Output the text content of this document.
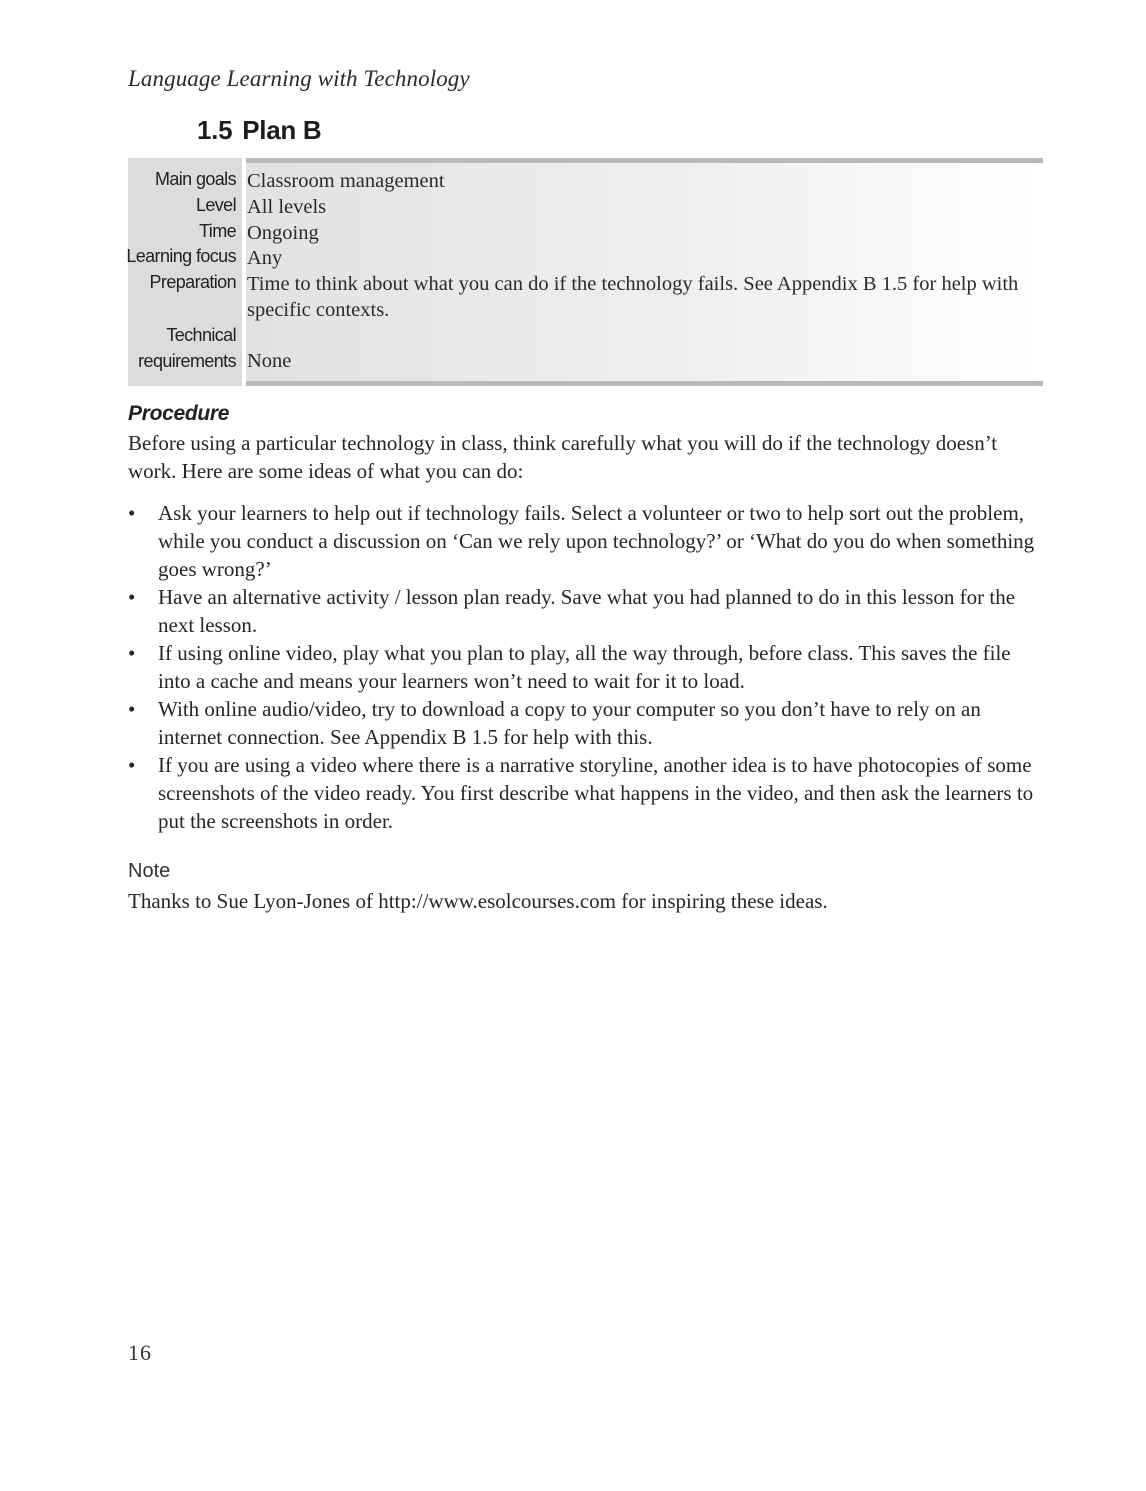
Language Learning with Technology
1.5 Plan B
Main goals Classroom management
Level All levels
Time Ongoing
Learning focus Any
Preparation Time to think about what you can do if the technology fails. See Appendix B 1.5 for help with specific contexts.
Technical requirements None
Procedure
Before using a particular technology in class, think carefully what you will do if the technology doesn’t work. Here are some ideas of what you can do:
• Ask your learners to help out if technology fails. Select a volunteer or two to help sort out the problem, while you conduct a discussion on ‘Can we rely upon technology?’ or ‘What do you do when something goes wrong?’
• Have an alternative activity / lesson plan ready. Save what you had planned to do in this lesson for the next lesson.
• If using online video, play what you plan to play, all the way through, before class. This saves the file into a cache and means your learners won’t need to wait for it to load.
• With online audio/video, try to download a copy to your computer so you don’t have to rely on an internet connection. See Appendix B 1.5 for help with this.
• If you are using a video where there is a narrative storyline, another idea is to have photocopies of some screenshots of the video ready. You first describe what happens in the video, and then ask the learners to put the screenshots in order.
Note
Thanks to Sue Lyon-Jones of http://www.esolcourses.com for inspiring these ideas.
16
